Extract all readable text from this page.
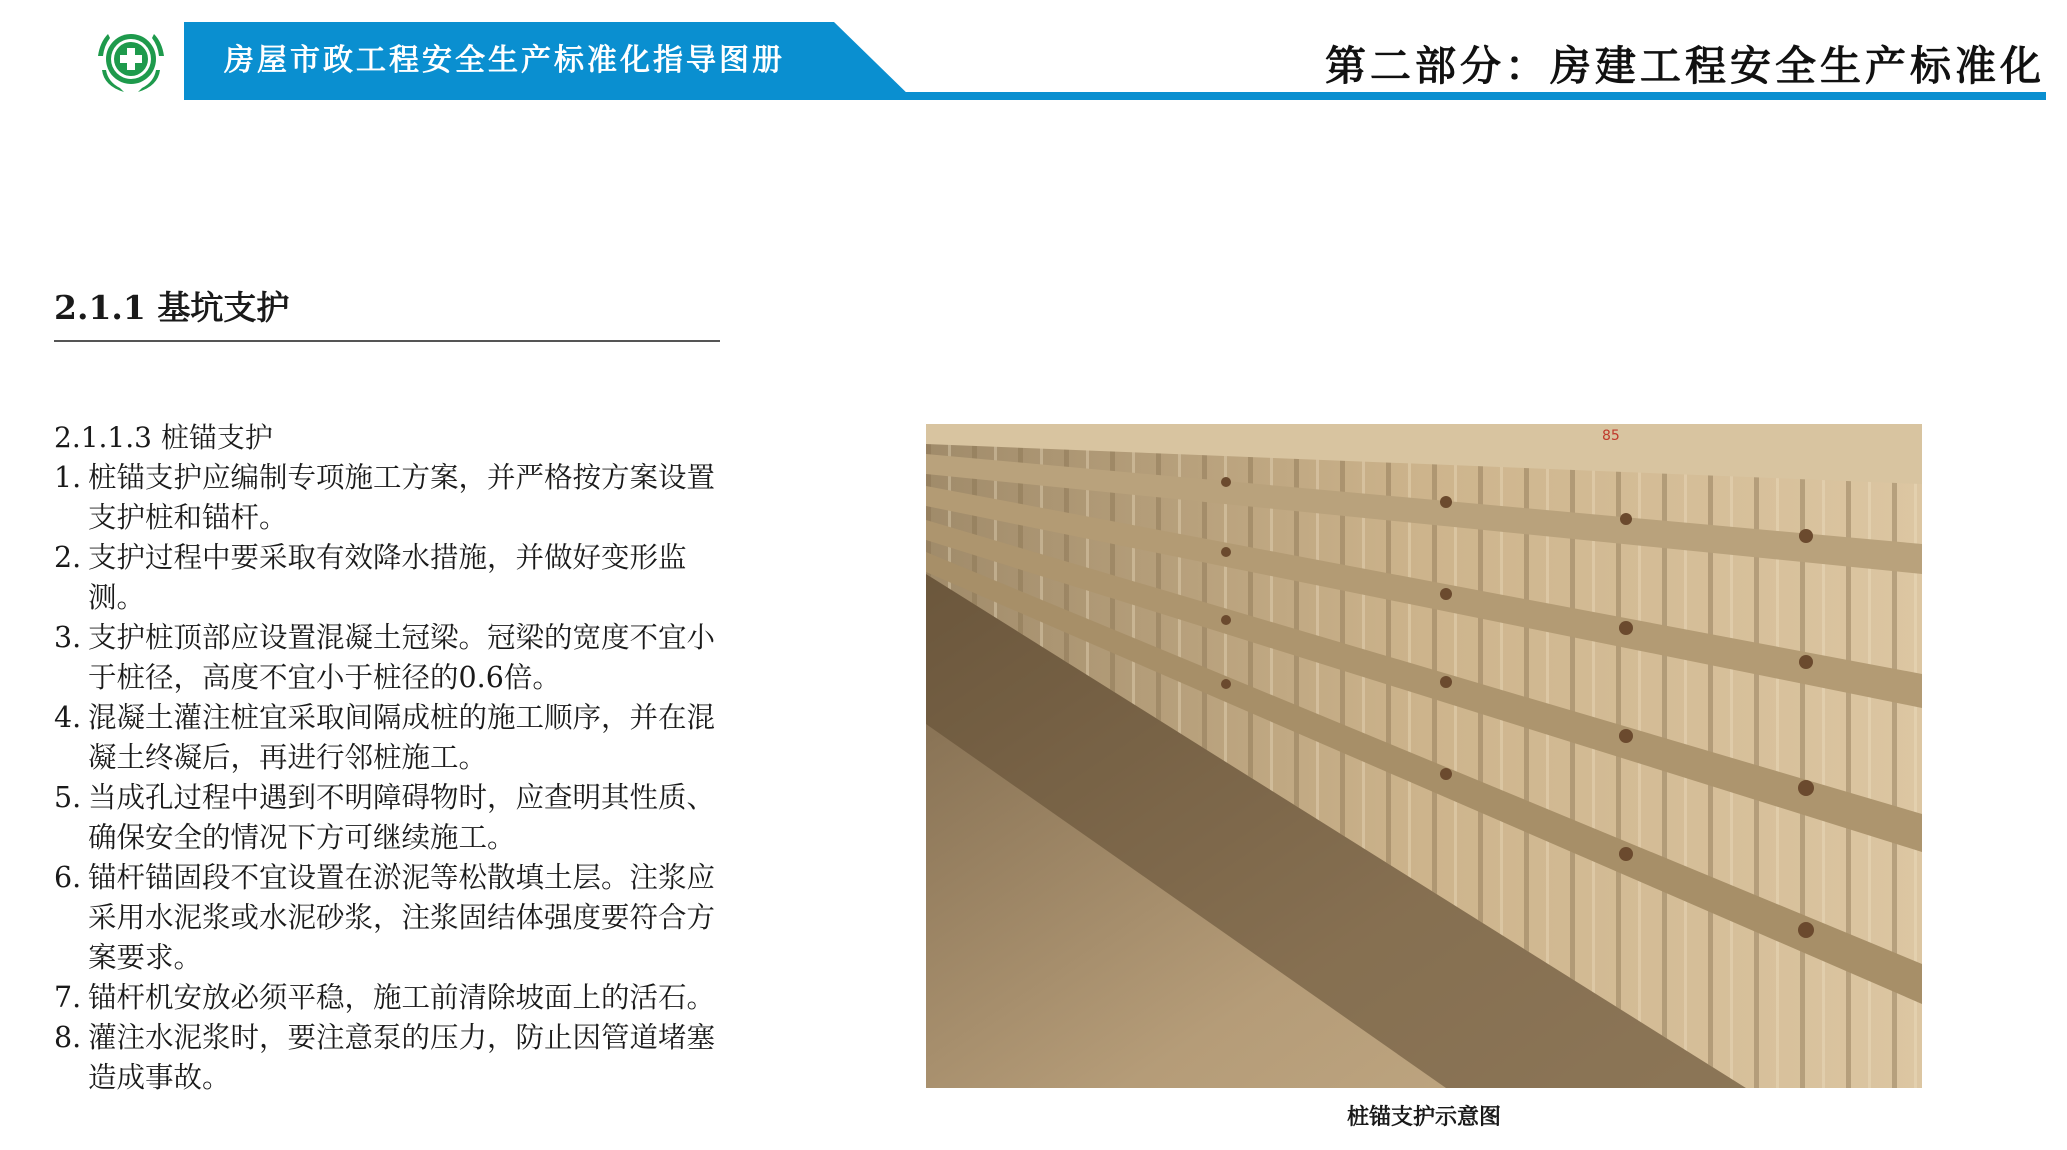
房屋市政工程安全生产标准化指导图册	第二部分：房建工程安全生产标准化
2.1.1 基坑支护
2.1.1.3 桩锚支护
1. 桩锚支护应编制专项施工方案，并严格按方案设置支护桩和锚杆。
2. 支护过程中要采取有效降水措施，并做好变形监测。
3. 支护桩顶部应设置混凝土冠梁。冠梁的宽度不宜小于桩径，高度不宜小于桩径的0.6倍。
4. 混凝土灌注桩宜采取间隔成桩的施工顺序，并在混凝土终凝后，再进行邻桩施工。
5. 当成孔过程中遇到不明障碍物时，应查明其性质、确保安全的情况下方可继续施工。
6. 锚杆锚固段不宜设置在淤泥等松散填土层。注浆应采用水泥浆或水泥砂浆，注浆固结体强度要符合方案要求。
7. 锚杆机安放必须平稳，施工前清除坡面上的活石。
8. 灌注水泥浆时，要注意泵的压力，防止因管道堵塞造成事故。
85
桩锚支护示意图
